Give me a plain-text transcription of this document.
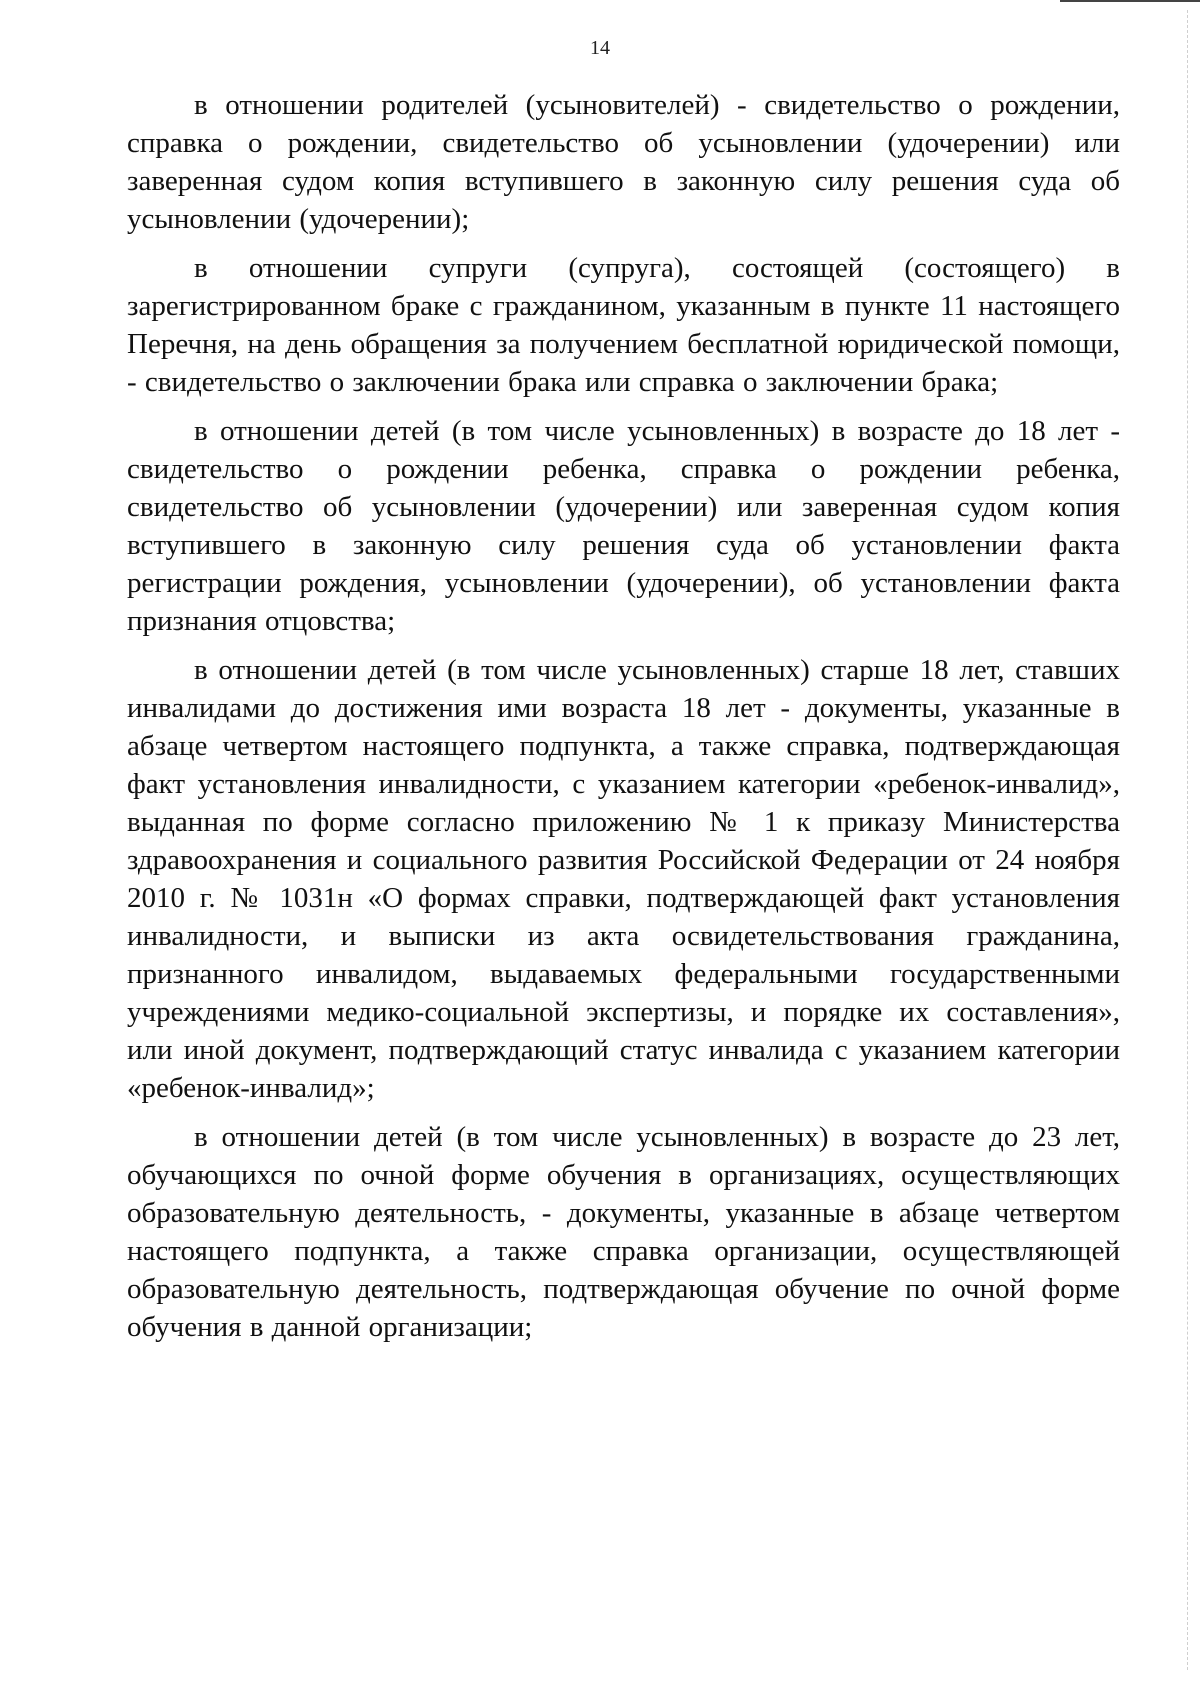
14

в отношении родителей (усыновителей) - свидетельство о рождении, справка о рождении, свидетельство об усыновлении (удочерении) или заверенная судом копия вступившего в законную силу решения суда об усыновлении (удочерении);

в отношении супруги (супруга), состоящей (состоящего) в зарегистрированном браке с гражданином, указанным в пункте 11 настоящего Перечня, на день обращения за получением бесплатной юридической помощи, - свидетельство о заключении брака или справка о заключении брака;

в отношении детей (в том числе усыновленных) в возрасте до 18 лет - свидетельство о рождении ребенка, справка о рождении ребенка, свидетельство об усыновлении (удочерении) или заверенная судом копия вступившего в законную силу решения суда об установлении факта регистрации рождения, усыновлении (удочерении), об установлении факта признания отцовства;

в отношении детей (в том числе усыновленных) старше 18 лет, ставших инвалидами до достижения ими возраста 18 лет - документы, указанные в абзаце четвертом настоящего подпункта, а также справка, подтверждающая факт установления инвалидности, с указанием категории «ребенок-инвалид», выданная по форме согласно приложению № 1 к приказу Министерства здравоохранения и социального развития Российской Федерации от 24 ноября 2010 г. № 1031н «О формах справки, подтверждающей факт установления инвалидности, и выписки из акта освидетельствования гражданина, признанного инвалидом, выдаваемых федеральными государственными учреждениями медико-социальной экспертизы, и порядке их составления», или иной документ, подтверждающий статус инвалида с указанием категории «ребенок-инвалид»;

в отношении детей (в том числе усыновленных) в возрасте до 23 лет, обучающихся по очной форме обучения в организациях, осуществляющих образовательную деятельность, - документы, указанные в абзаце четвертом настоящего подпункта, а также справка организации, осуществляющей образовательную деятельность, подтверждающая обучение по очной форме обучения в данной организации;
